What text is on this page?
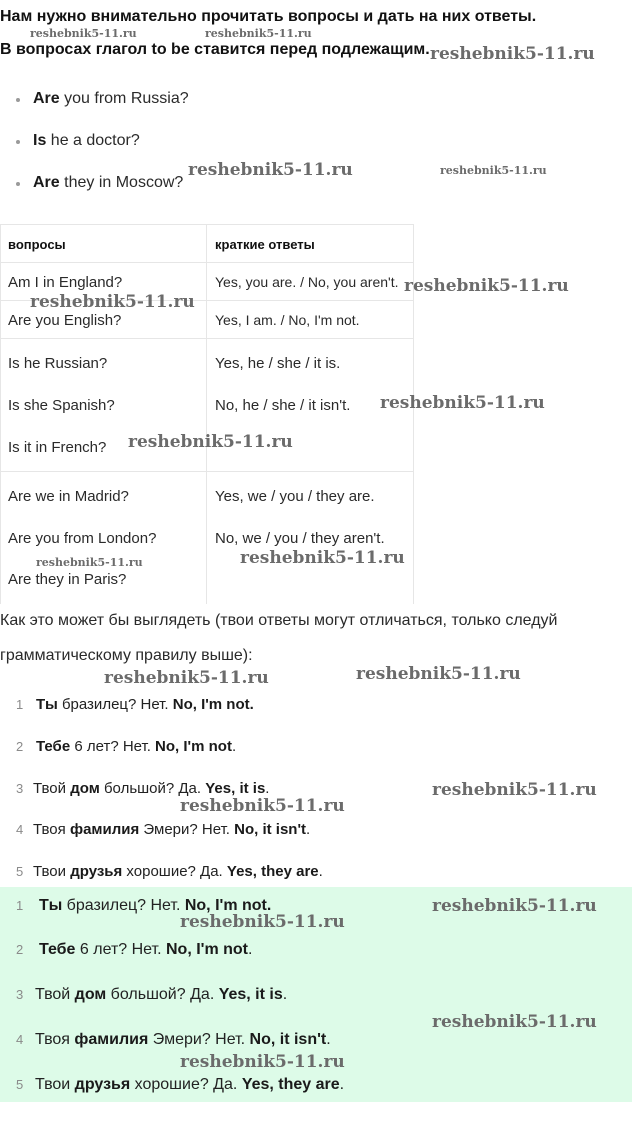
Нам нужно внимательно прочитать вопросы и дать на них ответы.
В вопросах глагол to be ставится перед подлежащим.
Are you from Russia?
Is he a doctor?
Are they in Moscow?
вопросы	краткие ответы
Am I in England?	Yes, you are. / No, you aren't.
Are you English?	Yes, I am. / No, I'm not.
Is he Russian?	Yes, he / she / it is.
Is she Spanish?	No, he / she / it isn't.
Is it in French?
Are we in Madrid?	Yes, we / you / they are.
Are you from London?	No, we / you / they aren't.
Are they in Paris?
Как это может бы выглядеть (твои ответы могут отличаться, только следуй
грамматическому правилу выше):
1 Ты бразилец? Нет. No, I'm not.
2 Тебе 6 лет? Нет. No, I'm not.
3 Твой дом большой? Да. Yes, it is.
4 Твоя фамилия Эмери? Нет. No, it isn't.
5 Твои друзья хорошие? Да. Yes, they are.
1 Ты бразилец? Нет. No, I'm not.
2 Тебе 6 лет? Нет. No, I'm not.
3 Твой дом большой? Да. Yes, it is.
4 Твоя фамилия Эмери? Нет. No, it isn't.
5 Твои друзья хорошие? Да. Yes, they are.
reshebnik5-11.ru	reshebnik5-11.ru
reshebnik5-11.ru
reshebnik5-11.ru	reshebnik5-11.ru
reshebnik5-11.ru
reshebnik5-11.ru
reshebnik5-11.ru
reshebnik5-11.ru
reshebnik5-11.ru	reshebnik5-11.ru
reshebnik5-11.ru	reshebnik5-11.ru
reshebnik5-11.ru
reshebnik5-11.ru
reshebnik5-11.ru
reshebnik5-11.ru
reshebnik5-11.ru
reshebnik5-11.ru
